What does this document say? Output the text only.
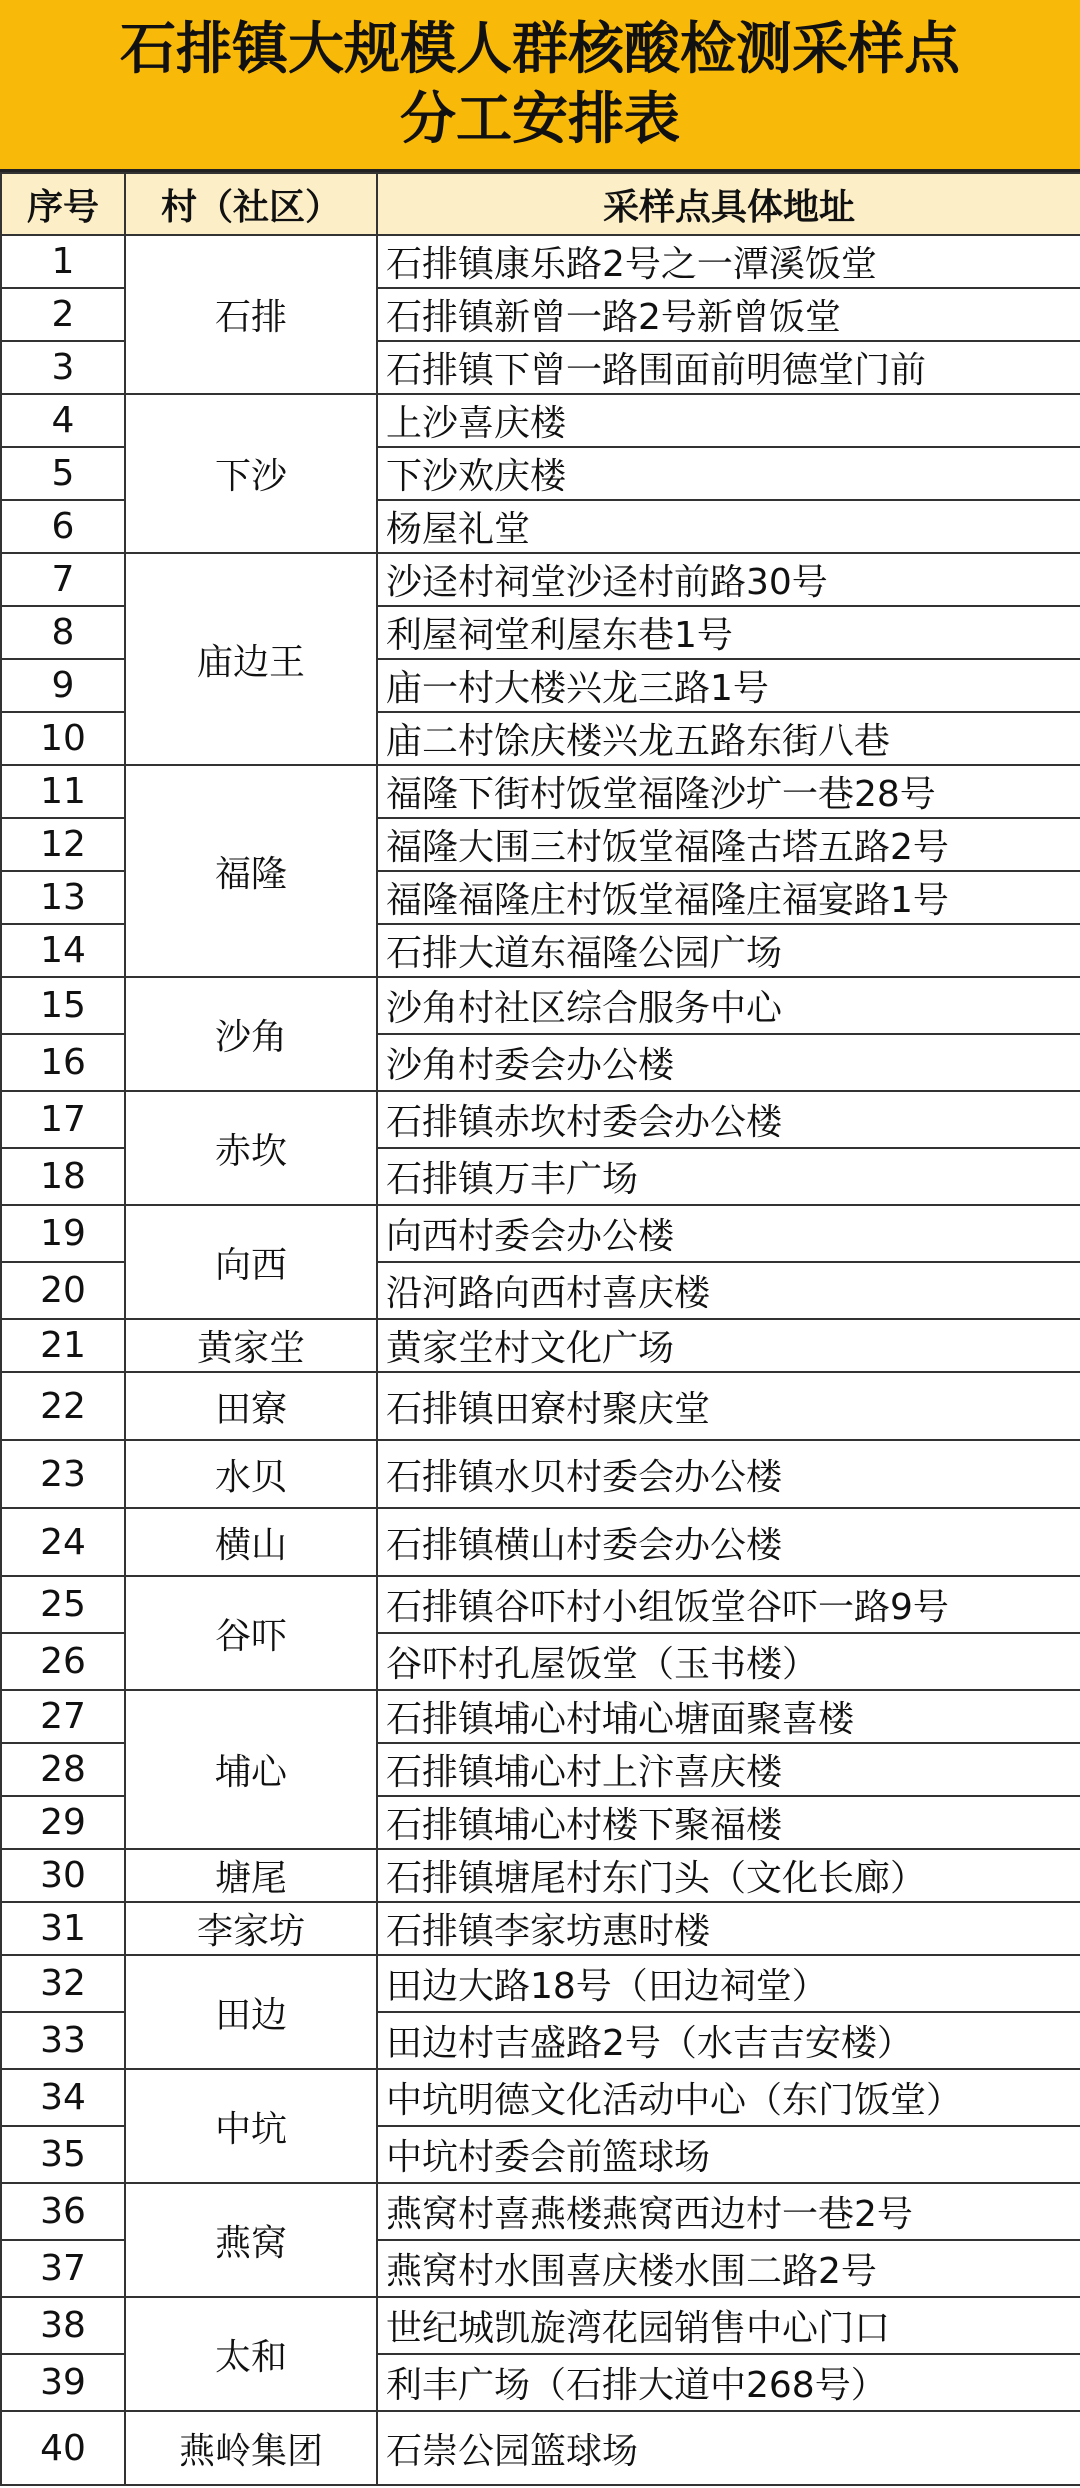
石排镇大规模人群核酸检测采样点
分工安排表
序号	村（社区）	采样点具体地址
1	石排	石排镇康乐路2号之一潭溪饭堂
2		石排镇新曾一路2号新曾饭堂
3		石排镇下曾一路围面前明德堂门前
4	下沙	上沙喜庆楼
5		下沙欢庆楼
6		杨屋礼堂
7	庙边王	沙迳村祠堂沙迳村前路30号
8		利屋祠堂利屋东巷1号
9		庙一村大楼兴龙三路1号
10		庙二村馀庆楼兴龙五路东街八巷
11	福隆	福隆下街村饭堂福隆沙圹一巷28号
12		福隆大围三村饭堂福隆古塔五路2号
13		福隆福隆庄村饭堂福隆庄福宴路1号
14		石排大道东福隆公园广场
15	沙角	沙角村社区综合服务中心
16		沙角村委会办公楼
17	赤坎	石排镇赤坎村委会办公楼
18		石排镇万丰广场
19	向西	向西村委会办公楼
20		沿河路向西村喜庆楼
21	黄家坣	黄家坣村文化广场
22	田寮	石排镇田寮村聚庆堂
23	水贝	石排镇水贝村委会办公楼
24	横山	石排镇横山村委会办公楼
25	谷吓	石排镇谷吓村小组饭堂谷吓一路9号
26		谷吓村孔屋饭堂（玉书楼）
27	埔心	石排镇埔心村埔心塘面聚喜楼
28		石排镇埔心村上汴喜庆楼
29		石排镇埔心村楼下聚福楼
30	塘尾	石排镇塘尾村东门头（文化长廊）
31	李家坊	石排镇李家坊惠时楼
32	田边	田边大路18号（田边祠堂）
33		田边村吉盛路2号（水吉吉安楼）
34	中坑	中坑明德文化活动中心（东门饭堂）
35		中坑村委会前篮球场
36	燕窝	燕窝村喜燕楼燕窝西边村一巷2号
37		燕窝村水围喜庆楼水围二路2号
38	太和	世纪城凯旋湾花园销售中心门口
39		利丰广场（石排大道中268号）
40	燕岭集团	石崇公园篮球场
